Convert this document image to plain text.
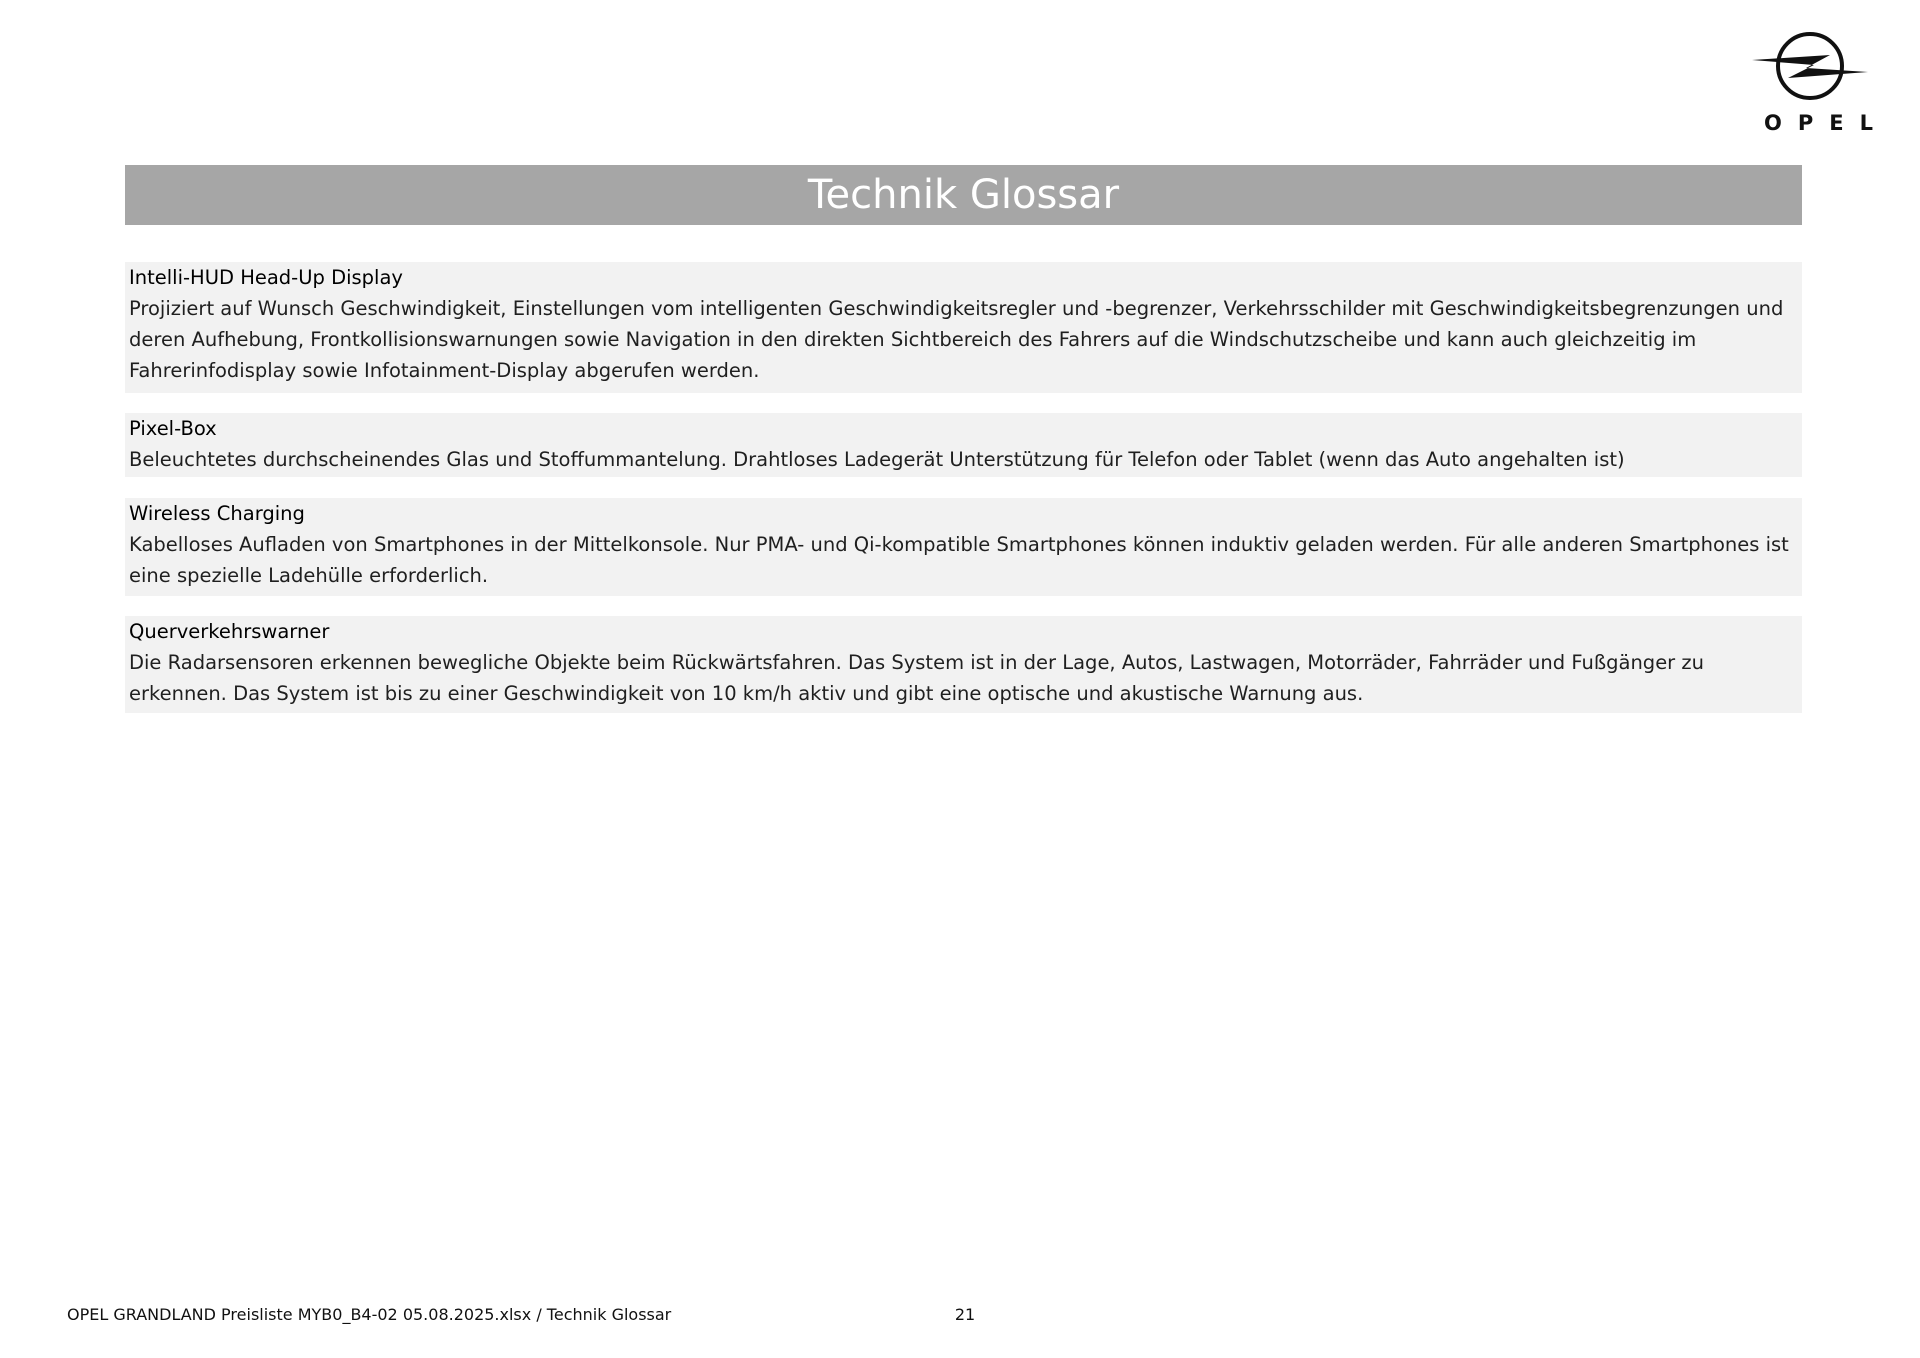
OPEL
Technik Glossar
Intelli-HUD Head-Up Display
Projiziert auf Wunsch Geschwindigkeit, Einstellungen vom intelligenten Geschwindigkeitsregler und -begrenzer, Verkehrsschilder mit Geschwindigkeitsbegrenzungen und deren Aufhebung, Frontkollisionswarnungen sowie Navigation in den direkten Sichtbereich des Fahrers auf die Windschutzscheibe und kann auch gleichzeitig im Fahrerinfodisplay sowie Infotainment-Display abgerufen werden.
Pixel-Box
Beleuchtetes durchscheinendes Glas und Stoffummantelung. Drahtloses Ladegerät Unterstützung für Telefon oder Tablet (wenn das Auto angehalten ist)
Wireless Charging
Kabelloses Aufladen von Smartphones in der Mittelkonsole. Nur PMA- und Qi-kompatible Smartphones können induktiv geladen werden. Für alle anderen Smartphones ist eine spezielle Ladehülle erforderlich.
Querverkehrswarner
Die Radarsensoren erkennen bewegliche Objekte beim Rückwärtsfahren. Das System ist in der Lage, Autos, Lastwagen, Motorräder, Fahrräder und Fußgänger zu erkennen. Das System ist bis zu einer Geschwindigkeit von 10 km/h aktiv und gibt eine optische und akustische Warnung aus.
OPEL GRANDLAND Preisliste MYB0_B4-02 05.08.2025.xlsx / Technik Glossar	21
